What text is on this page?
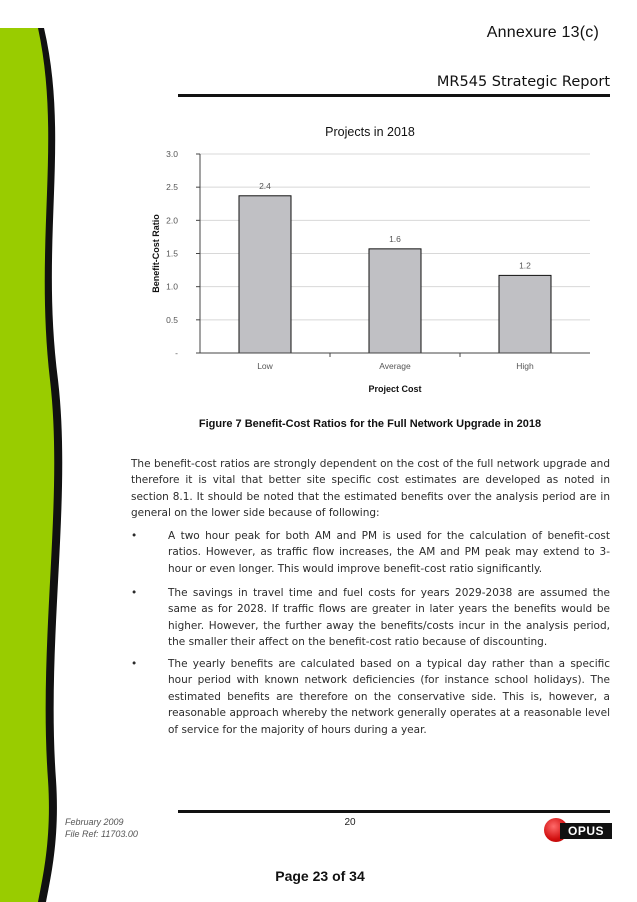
Annexure 13(c)
MR545 Strategic Report
Projects in 2018
-
0.5
1.0
1.5
2.0
2.5
3.0
2.4
1.6
1.2
Low	Average	High
Benefit-Cost Ratio
Project Cost
Figure 7 Benefit-Cost Ratios for the Full Network Upgrade in 2018

The benefit-cost ratios are strongly dependent on the cost of the full network upgrade and therefore it is vital that better site specific cost estimates are developed as noted in section 8.1. It should be noted that the estimated benefits over the analysis period are in general on the lower side because of following:

•	A two hour peak for both AM and PM is used for the calculation of benefit-cost ratios. However, as traffic flow increases, the AM and PM peak may extend to 3-hour or even longer. This would improve benefit-cost ratio significantly.

•	The savings in travel time and fuel costs for years 2029-2038 are assumed the same as for 2028. If traffic flows are greater in later years the benefits would be higher. However, the further away the benefits/costs incur in the analysis period, the smaller their affect on the benefit-cost ratio because of discounting.

•	The yearly benefits are calculated based on a typical day rather than a specific hour period with known network deficiencies (for instance school holidays). The estimated benefits are therefore on the conservative side. This is, however, a reasonable approach whereby the network generally operates at a reasonable level of service for the majority of hours during a year.

February 2009
File Ref: 11703.00
20
OPUS
Page 23 of 34
